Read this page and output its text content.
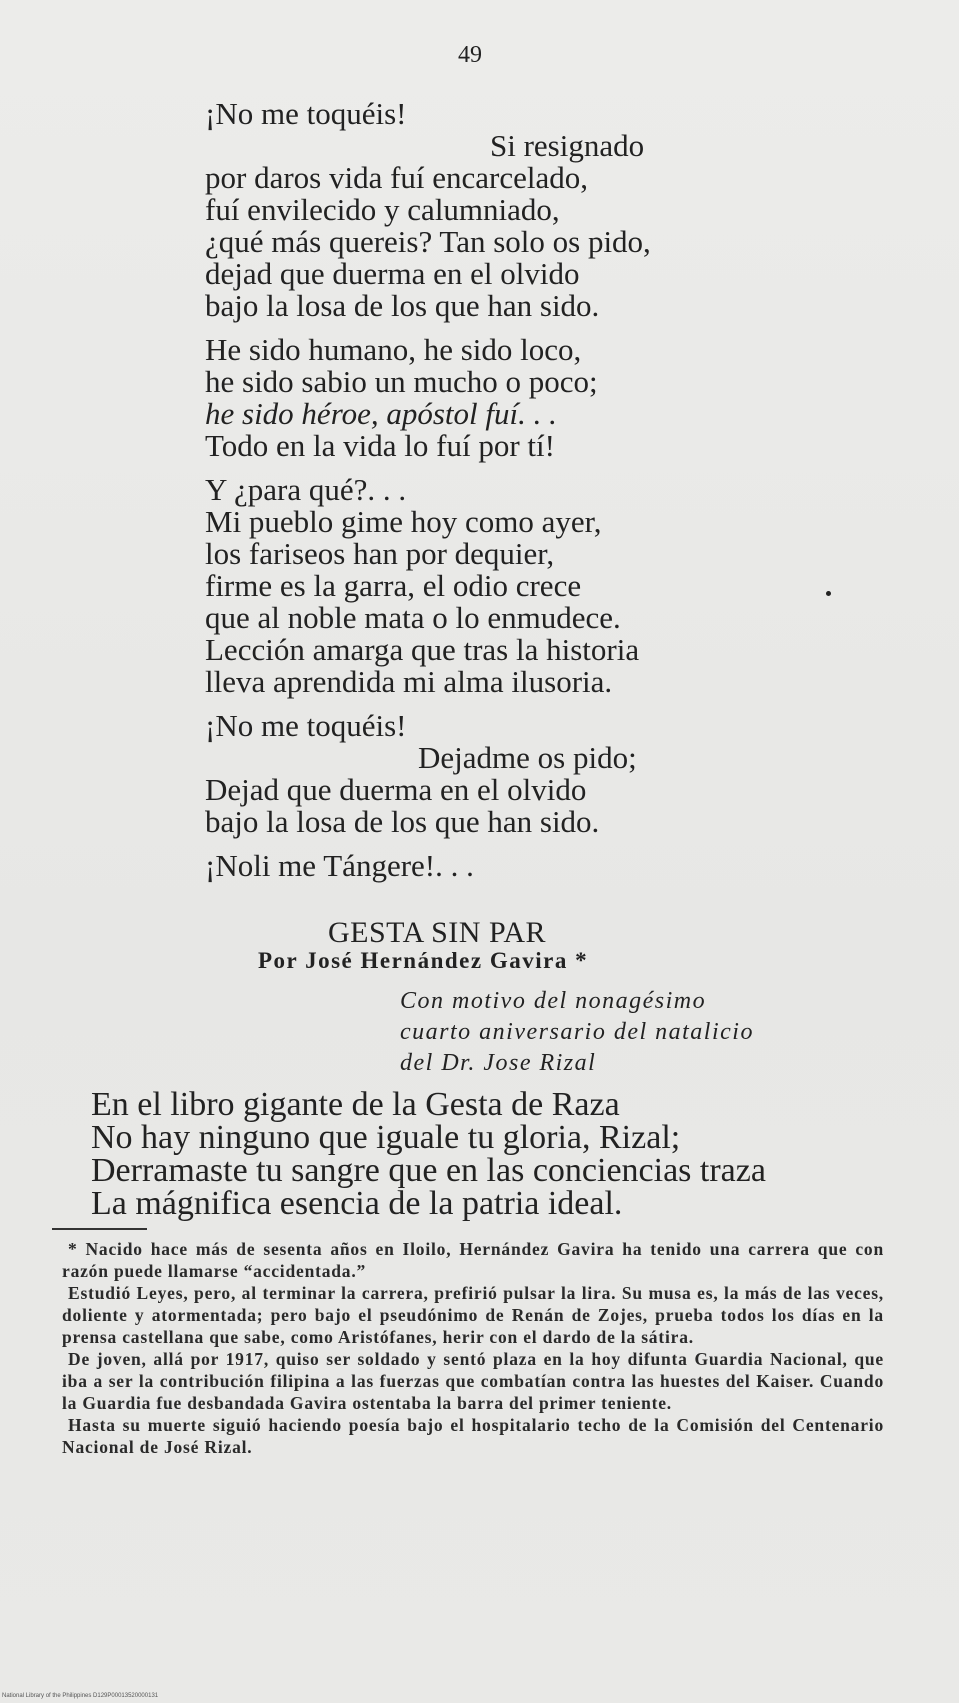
49
¡No me toquéis!
Si resignado
por daros vida fuí encarcelado,
fuí envilecido y calumniado,
¿qué más quereis? Tan solo os pido,
dejad que duerma en el olvido
bajo la losa de los que han sido.
He sido humano, he sido loco,
he sido sabio un mucho o poco;
he sido héroe, apóstol fuí. . .
Todo en la vida lo fuí por tí!
Y ¿para qué?. . .
Mi pueblo gime hoy como ayer,
los fariseos han por dequier,
firme es la garra, el odio crece
que al noble mata o lo enmudece.
Lección amarga que tras la historia
lleva aprendida mi alma ilusoria.
¡No me toquéis!
Dejadme os pido;
Dejad que duerma en el olvido
bajo la losa de los que han sido.
¡Noli me Tángere!. . .
GESTA SIN PAR
Por José Hernández Gavira *
Con motivo del nonagésimo
cuarto aniversario del natalicio
del Dr. Jose Rizal
En el libro gigante de la Gesta de Raza
No hay ninguno que iguale tu gloria, Rizal;
Derramaste tu sangre que en las conciencias traza
La mágnifica esencia de la patria ideal.

* Nacido hace más de sesenta años en Iloilo, Hernández Gavira ha tenido una carrera que con razón puede llamarse “accidentada.”

Estudió Leyes, pero, al terminar la carrera, prefirió pulsar la lira. Su musa es, la más de las veces, doliente y atormentada; pero bajo el pseudónimo de Renán de Zojes, prueba todos los días en la prensa castellana que sabe, como Aristófanes, herir con el dardo de la sátira.

De joven, allá por 1917, quiso ser soldado y sentó plaza en la hoy difunta Guardia Nacional, que iba a ser la contribución filipina a las fuerzas que combatían contra las huestes del Kaiser. Cuando la Guardia fue desbandada Gavira ostentaba la barra del primer teniente.

Hasta su muerte siguió haciendo poesía bajo el hospitalario techo de la Comisión del Centenario Nacional de José Rizal.

National Library of the Philippines D129P00013520000131
